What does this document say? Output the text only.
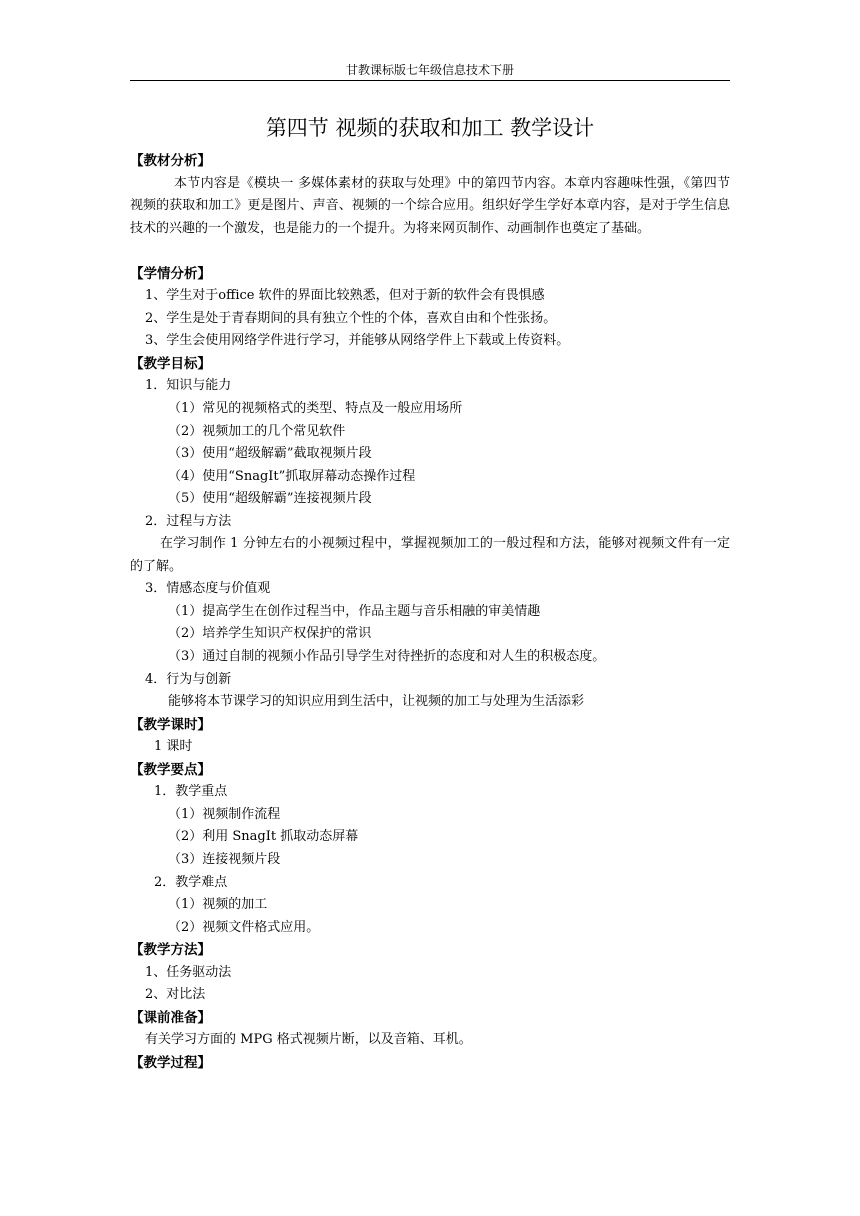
甘教课标版七年级信息技术下册
第四节 视频的获取和加工 教学设计
【教材分析】
本节内容是《模块一 多媒体素材的获取与处理》中的第四节内容。本章内容趣味性强，《第四节 视频的获取和加工》更是图片、声音、视频的一个综合应用。组织好学生学好本章内容，是对于学生信息技术的兴趣的一个激发，也是能力的一个提升。为将来网页制作、动画制作也奠定了基础。
【学情分析】
1、学生对于office 软件的界面比较熟悉，但对于新的软件会有畏惧感
2、学生是处于青春期间的具有独立个性的个体，喜欢自由和个性张扬。
3、学生会使用网络学件进行学习，并能够从网络学件上下载或上传资料。
【教学目标】
1．知识与能力
（1）常见的视频格式的类型、特点及一般应用场所
（2）视频加工的几个常见软件
（3）使用“超级解霸”截取视频片段
（4）使用“SnagIt”抓取屏幕动态操作过程
（5）使用“超级解霸”连接视频片段
2．过程与方法
在学习制作 1 分钟左右的小视频过程中，掌握视频加工的一般过程和方法，能够对视频文件有一定的了解。
3．情感态度与价值观
（1）提高学生在创作过程当中，作品主题与音乐相融的审美情趣
（2）培养学生知识产权保护的常识
（3）通过自制的视频小作品引导学生对待挫折的态度和对人生的积极态度。
4．行为与创新
能够将本节课学习的知识应用到生活中，让视频的加工与处理为生活添彩
【教学课时】
1 课时
【教学要点】
1．教学重点
（1）视频制作流程
（2）利用 SnagIt 抓取动态屏幕
（3）连接视频片段
2．教学难点
（1）视频的加工
（2）视频文件格式应用。
【教学方法】
1、任务驱动法
2、对比法
【课前准备】
有关学习方面的 MPG 格式视频片断，以及音箱、耳机。
【教学过程】
